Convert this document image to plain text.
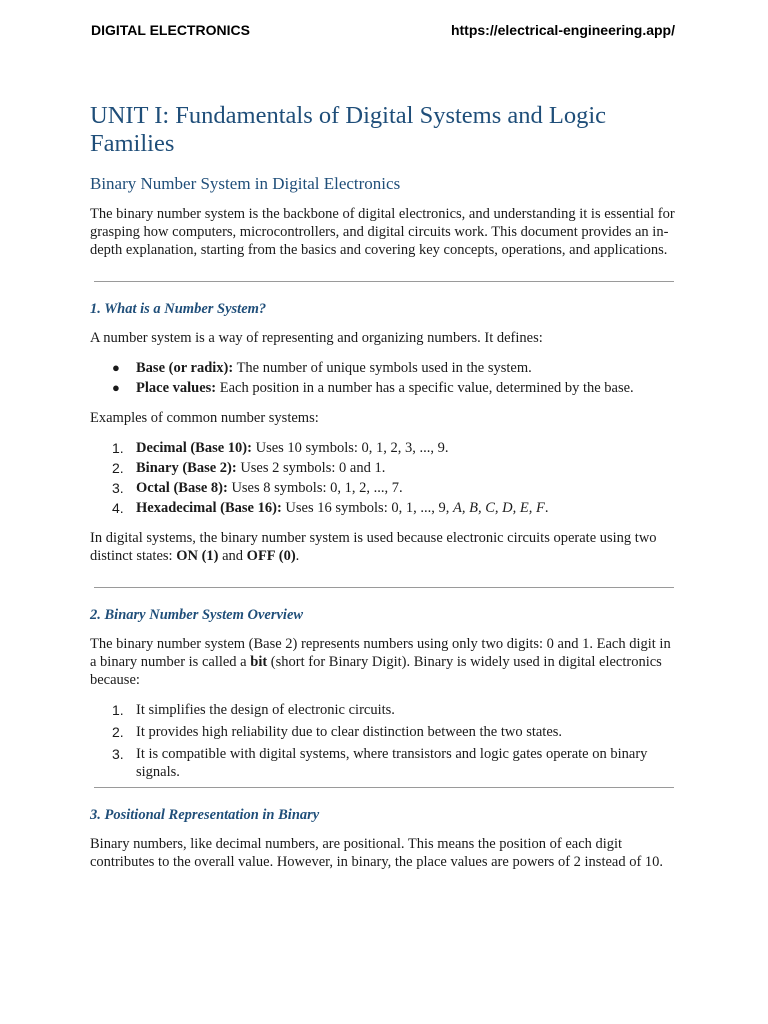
DIGITAL ELECTRONICS	https://electrical-engineering.app/
UNIT I: Fundamentals of Digital Systems and Logic Families
Binary Number System in Digital Electronics

The binary number system is the backbone of digital electronics, and understanding it is essential for grasping how computers, microcontrollers, and digital circuits work. This document provides an in-depth explanation, starting from the basics and covering key concepts, operations, and applications.

1. What is a Number System?

A number system is a way of representing and organizing numbers. It defines:

● Base (or radix): The number of unique symbols used in the system.
● Place values: Each position in a number has a specific value, determined by the base.

Examples of common number systems:

1. Decimal (Base 10): Uses 10 symbols: 0, 1, 2, 3, ..., 9.
2. Binary (Base 2): Uses 2 symbols: 0 and 1.
3. Octal (Base 8): Uses 8 symbols: 0, 1, 2, ..., 7.
4. Hexadecimal (Base 16): Uses 16 symbols: 0, 1, ..., 9, A, B, C, D, E, F.

In digital systems, the binary number system is used because electronic circuits operate using two distinct states: ON (1) and OFF (0).

2. Binary Number System Overview

The binary number system (Base 2) represents numbers using only two digits: 0 and 1. Each digit in a binary number is called a bit (short for Binary Digit). Binary is widely used in digital electronics because:

1. It simplifies the design of electronic circuits.
2. It provides high reliability due to clear distinction between the two states.
3. It is compatible with digital systems, where transistors and logic gates operate on binary signals.
3. Positional Representation in Binary

Binary numbers, like decimal numbers, are positional. This means the position of each digit contributes to the overall value. However, in binary, the place values are powers of 2 instead of 10.
